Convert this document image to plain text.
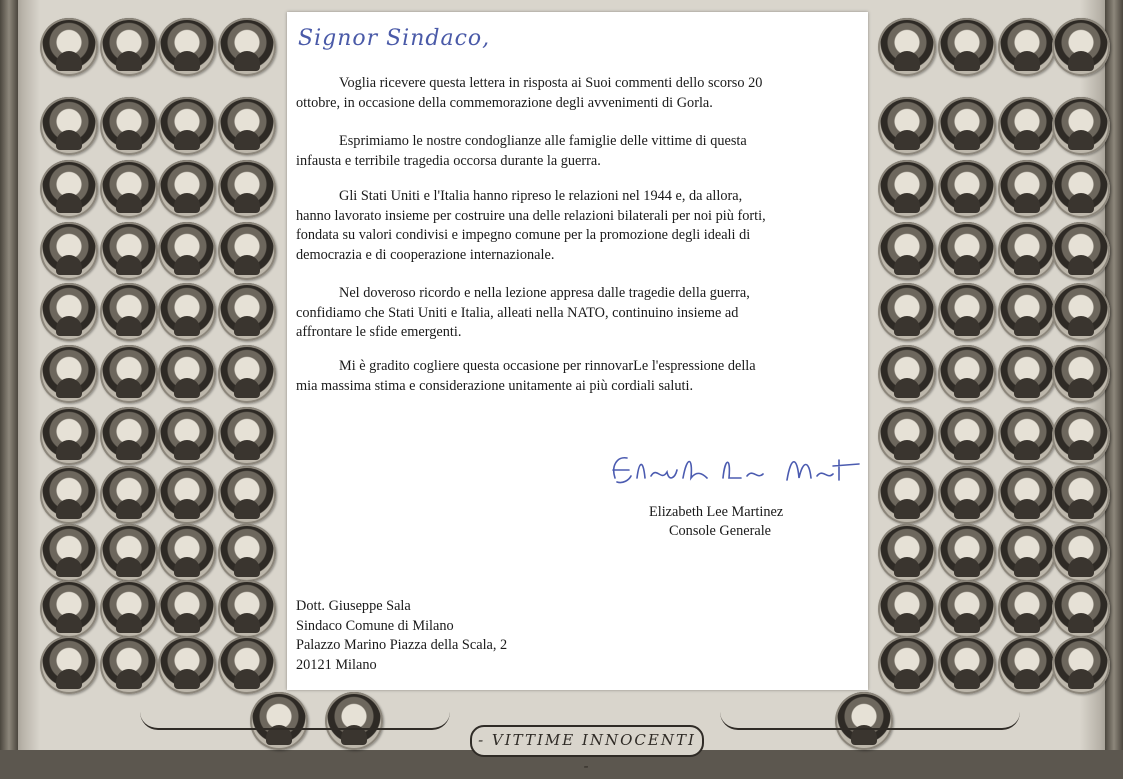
- VITTIME INNOCENTI -
Signor Sindaco,

Voglia ricevere questa lettera in risposta ai Suoi commenti dello scorso 20
ottobre, in occasione della commemorazione degli avvenimenti di Gorla.

Esprimiamo le nostre condoglianze alle famiglie delle vittime di questa
infausta e terribile tragedia occorsa durante la guerra.

Gli Stati Uniti e l'Italia hanno ripreso le relazioni nel 1944 e, da allora,
hanno lavorato insieme per costruire una delle relazioni bilaterali per noi più forti,
fondata su valori condivisi e impegno comune per la promozione degli ideali di
democrazia e di cooperazione internazionale.

Nel doveroso ricordo e nella lezione appresa dalle tragedie della guerra,
confidiamo che Stati Uniti e Italia, alleati nella NATO, continuino insieme ad
affrontare le sfide emergenti.

Mi è gradito cogliere questa occasione per rinnovarLe l'espressione della
mia massima stima e considerazione unitamente ai più cordiali saluti.

Elizabeth Lee Martinez
Console Generale
Dott. Giuseppe Sala
Sindaco Comune di Milano
Palazzo Marino Piazza della Scala, 2
20121 Milano
